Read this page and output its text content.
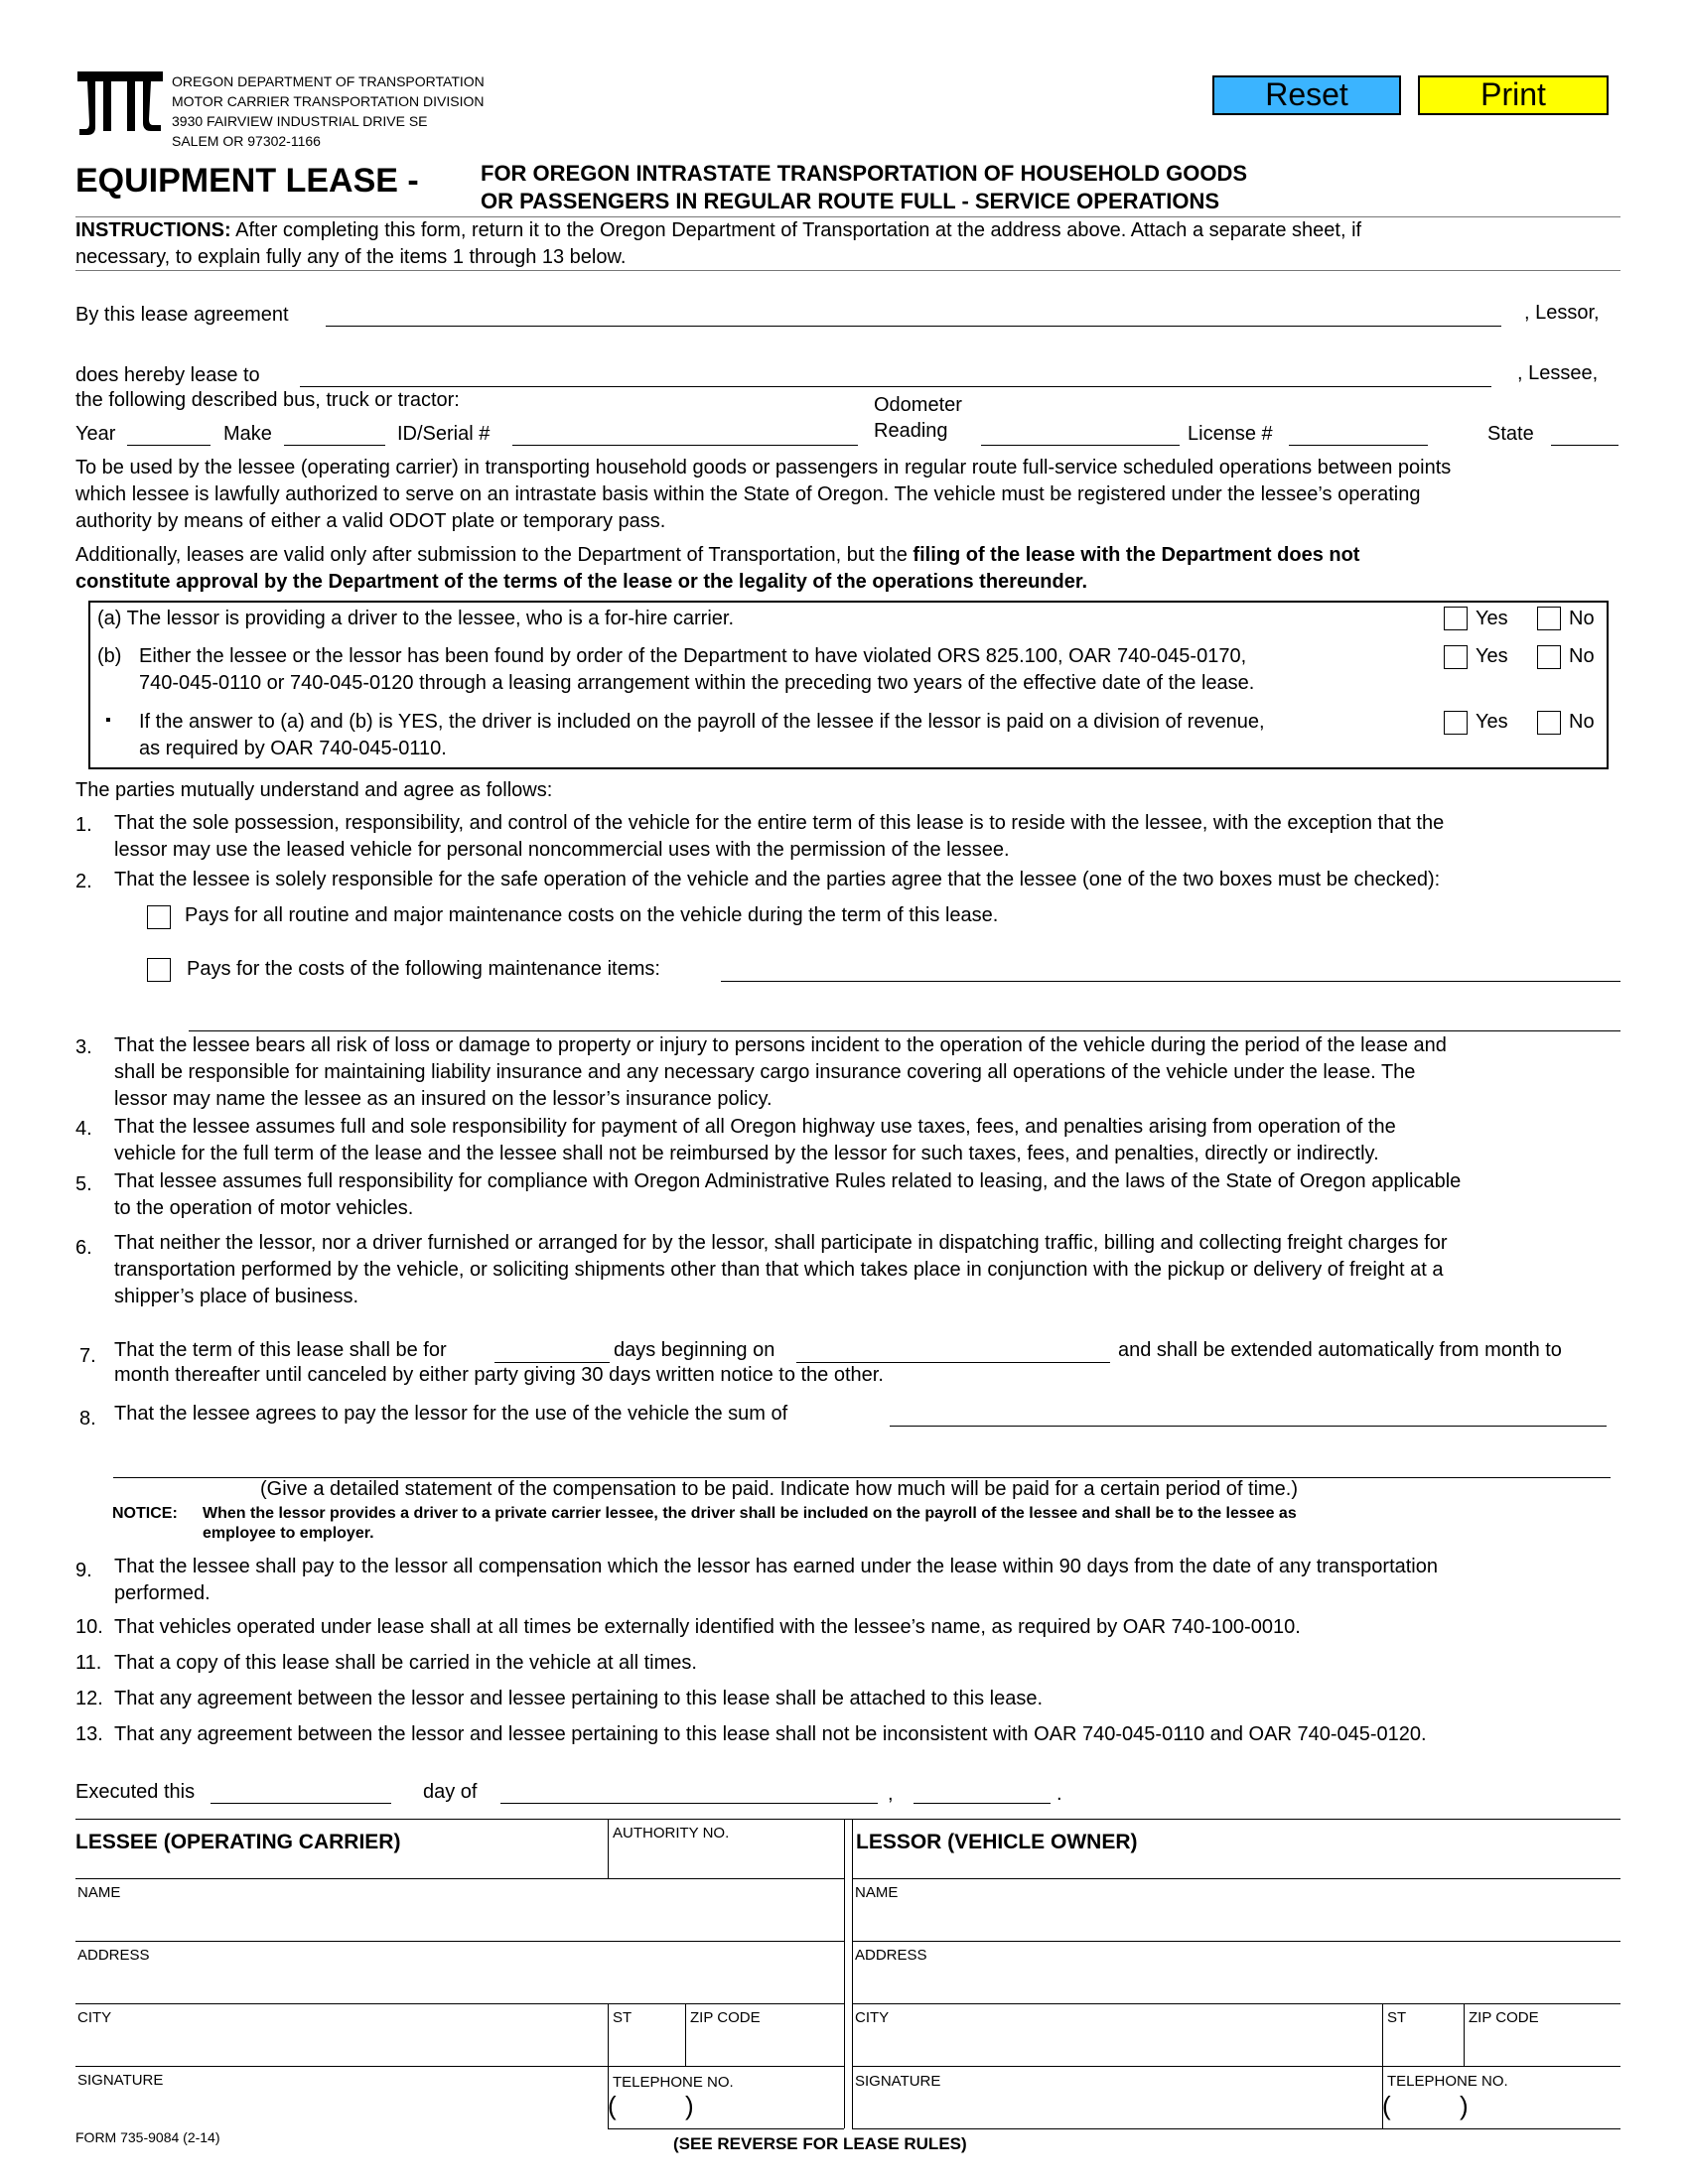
OREGON DEPARTMENT OF TRANSPORTATION
MOTOR CARRIER TRANSPORTATION DIVISION
3930 FAIRVIEW INDUSTRIAL DRIVE SE
SALEM OR 97302-1166
Reset	Print
EQUIPMENT LEASE -	FOR OREGON INTRASTATE TRANSPORTATION OF HOUSEHOLD GOODS
OR PASSENGERS IN REGULAR ROUTE FULL - SERVICE OPERATIONS
INSTRUCTIONS: After completing this form, return it to the Oregon Department of Transportation at the address above. Attach a separate sheet, if
necessary, to explain fully any of the items 1 through 13 below.
By this lease agreement	, Lessor,
does hereby lease to	, Lessee,
the following described bus, truck or tractor:	Odometer
Reading
Year	Make	ID/Serial #	License #	State
To be used by the lessee (operating carrier) in transporting household goods or passengers in regular route full-service scheduled operations between points
which lessee is lawfully authorized to serve on an intrastate basis within the State of Oregon. The vehicle must be registered under the lessee’s operating
authority by means of either a valid ODOT plate or temporary pass.
Additionally, leases are valid only after submission to the Department of Transportation, but the filing of the lease with the Department does not
constitute approval by the Department of the terms of the lease or the legality of the operations thereunder.
(a) The lessor is providing a driver to the lessee, who is a for-hire carrier.
(b) Either the lessee or the lessor has been found by order of the Department to have violated ORS 825.100, OAR 740-045-0170,
740-045-0110 or 740-045-0120 through a leasing arrangement within the preceding two years of the effective date of the lease.
▪ If the answer to (a) and (b) is YES, the driver is included on the payroll of the lessee if the lessor is paid on a division of revenue,
as required by OAR 740-045-0110.
Yes	No
Yes	No
Yes	No
The parties mutually understand and agree as follows:
1.	That the sole possession, responsibility, and control of the vehicle for the entire term of this lease is to reside with the lessee, with the exception that the
lessor may use the leased vehicle for personal noncommercial uses with the permission of the lessee.
2.	That the lessee is solely responsible for the safe operation of the vehicle and the parties agree that the lessee (one of the two boxes must be checked):
Pays for all routine and major maintenance costs on the vehicle during the term of this lease.
Pays for the costs of the following maintenance items:
3.	That the lessee bears all risk of loss or damage to property or injury to persons incident to the operation of the vehicle during the period of the lease and
shall be responsible for maintaining liability insurance and any necessary cargo insurance covering all operations of the vehicle under the lease. The
lessor may name the lessee as an insured on the lessor’s insurance policy.
4.	That the lessee assumes full and sole responsibility for payment of all Oregon highway use taxes, fees, and penalties arising from operation of the
vehicle for the full term of the lease and the lessee shall not be reimbursed by the lessor for such taxes, fees, and penalties, directly or indirectly.
5.	That lessee assumes full responsibility for compliance with Oregon Administrative Rules related to leasing, and the laws of the State of Oregon applicable
to the operation of motor vehicles.
6.	That neither the lessor, nor a driver furnished or arranged for by the lessor, shall participate in dispatching traffic, billing and collecting freight charges for
transportation performed by the vehicle, or soliciting shipments other than that which takes place in conjunction with the pickup or delivery of freight at a
shipper’s place of business.
7. That the term of this lease shall be for	days beginning on	and shall be extended automatically from month to
month thereafter until canceled by either party giving 30 days written notice to the other.
8. That the lessee agrees to pay the lessor for the use of the vehicle the sum of
(Give a detailed statement of the compensation to be paid. Indicate how much will be paid for a certain period of time.)
NOTICE: When the lessor provides a driver to a private carrier lessee, the driver shall be included on the payroll of the lessee and shall be to the lessee as
employee to employer.
9.	That the lessee shall pay to the lessor all compensation which the lessor has earned under the lease within 90 days from the date of any transportation
performed.
10. That vehicles operated under lease shall at all times be externally identified with the lessee’s name, as required by OAR 740-100-0010.
11. That a copy of this lease shall be carried in the vehicle at all times.
12. That any agreement between the lessor and lessee pertaining to this lease shall be attached to this lease.
13. That any agreement between the lessor and lessee pertaining to this lease shall not be inconsistent with OAR 740-045-0110 and OAR 740-045-0120.
Executed this	day of	,	.
LESSEE (OPERATING CARRIER)	AUTHORITY NO.
NAME
ADDRESS
CITY	ST	ZIP CODE
SIGNATURE	TELEPHONE NO.
(	)
LESSOR (VEHICLE OWNER)
NAME
ADDRESS
CITY	ST	ZIP CODE
SIGNATURE	TELEPHONE NO.
(	)
FORM 735-9084 (2-14)	(SEE REVERSE FOR LEASE RULES)
